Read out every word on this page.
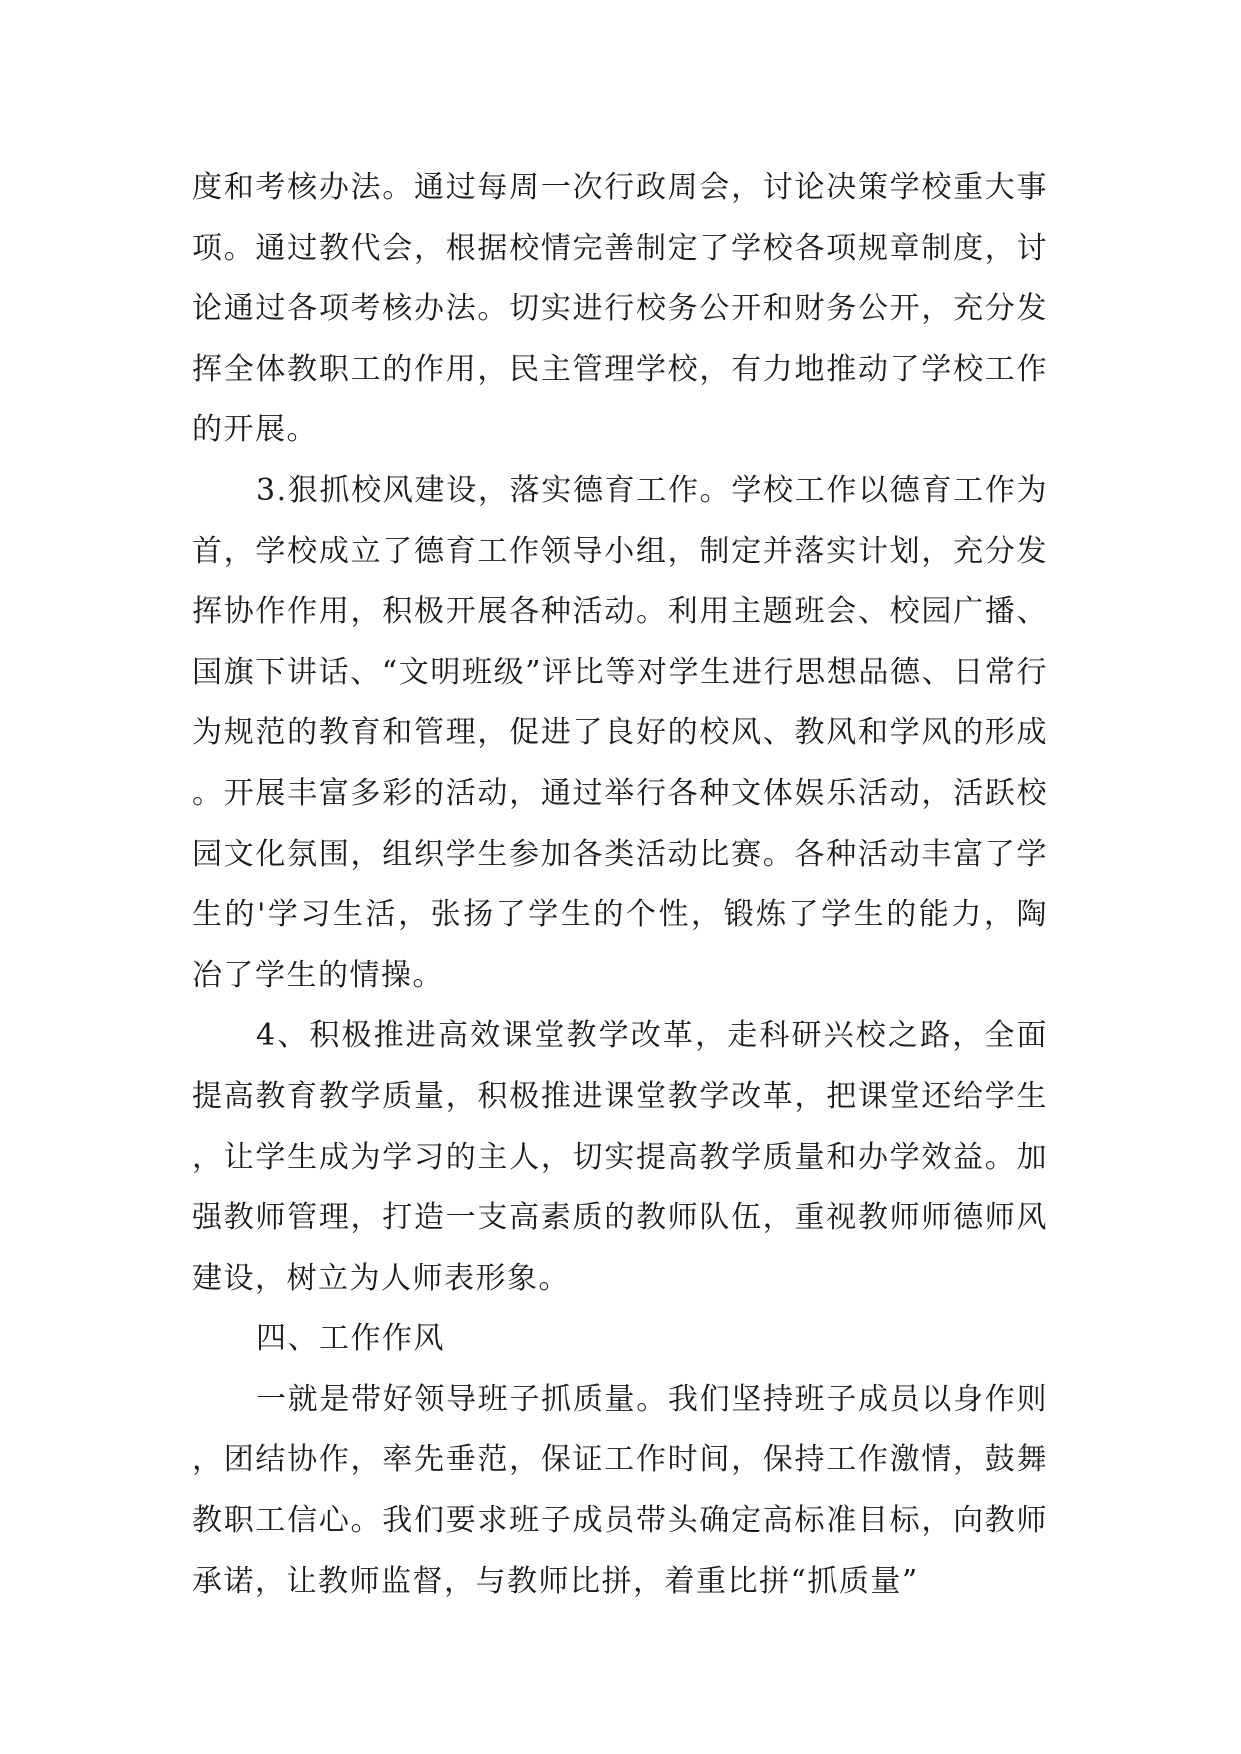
度和考核办法。通过每周一次行政周会，讨论决策学校重大事项。通过教代会，根据校情完善制定了学校各项规章制度，讨论通过各项考核办法。切实进行校务公开和财务公开，充分发挥全体教职工的作用，民主管理学校，有力地推动了学校工作的开展。

3.狠抓校风建设，落实德育工作。学校工作以德育工作为首，学校成立了德育工作领导小组，制定并落实计划，充分发挥协作作用，积极开展各种活动。利用主题班会、校园广播、国旗下讲话、“文明班级”评比等对学生进行思想品德、日常行为规范的教育和管理，促进了良好的校风、教风和学风的形成。开展丰富多彩的活动，通过举行各种文体娱乐活动，活跃校园文化氛围，组织学生参加各类活动比赛。各种活动丰富了学生的'学习生活，张扬了学生的个性，锻炼了学生的能力，陶冶了学生的情操。

4、积极推进高效课堂教学改革，走科研兴校之路，全面提高教育教学质量，积极推进课堂教学改革，把课堂还给学生，让学生成为学习的主人，切实提高教学质量和办学效益。加强教师管理，打造一支高素质的教师队伍，重视教师师德师风建设，树立为人师表形象。

四、工作作风

一就是带好领导班子抓质量。我们坚持班子成员以身作则，团结协作，率先垂范，保证工作时间，保持工作激情，鼓舞教职工信心。我们要求班子成员带头确定高标准目标，向教师承诺，让教师监督，与教师比拼，着重比拼“抓质量”
